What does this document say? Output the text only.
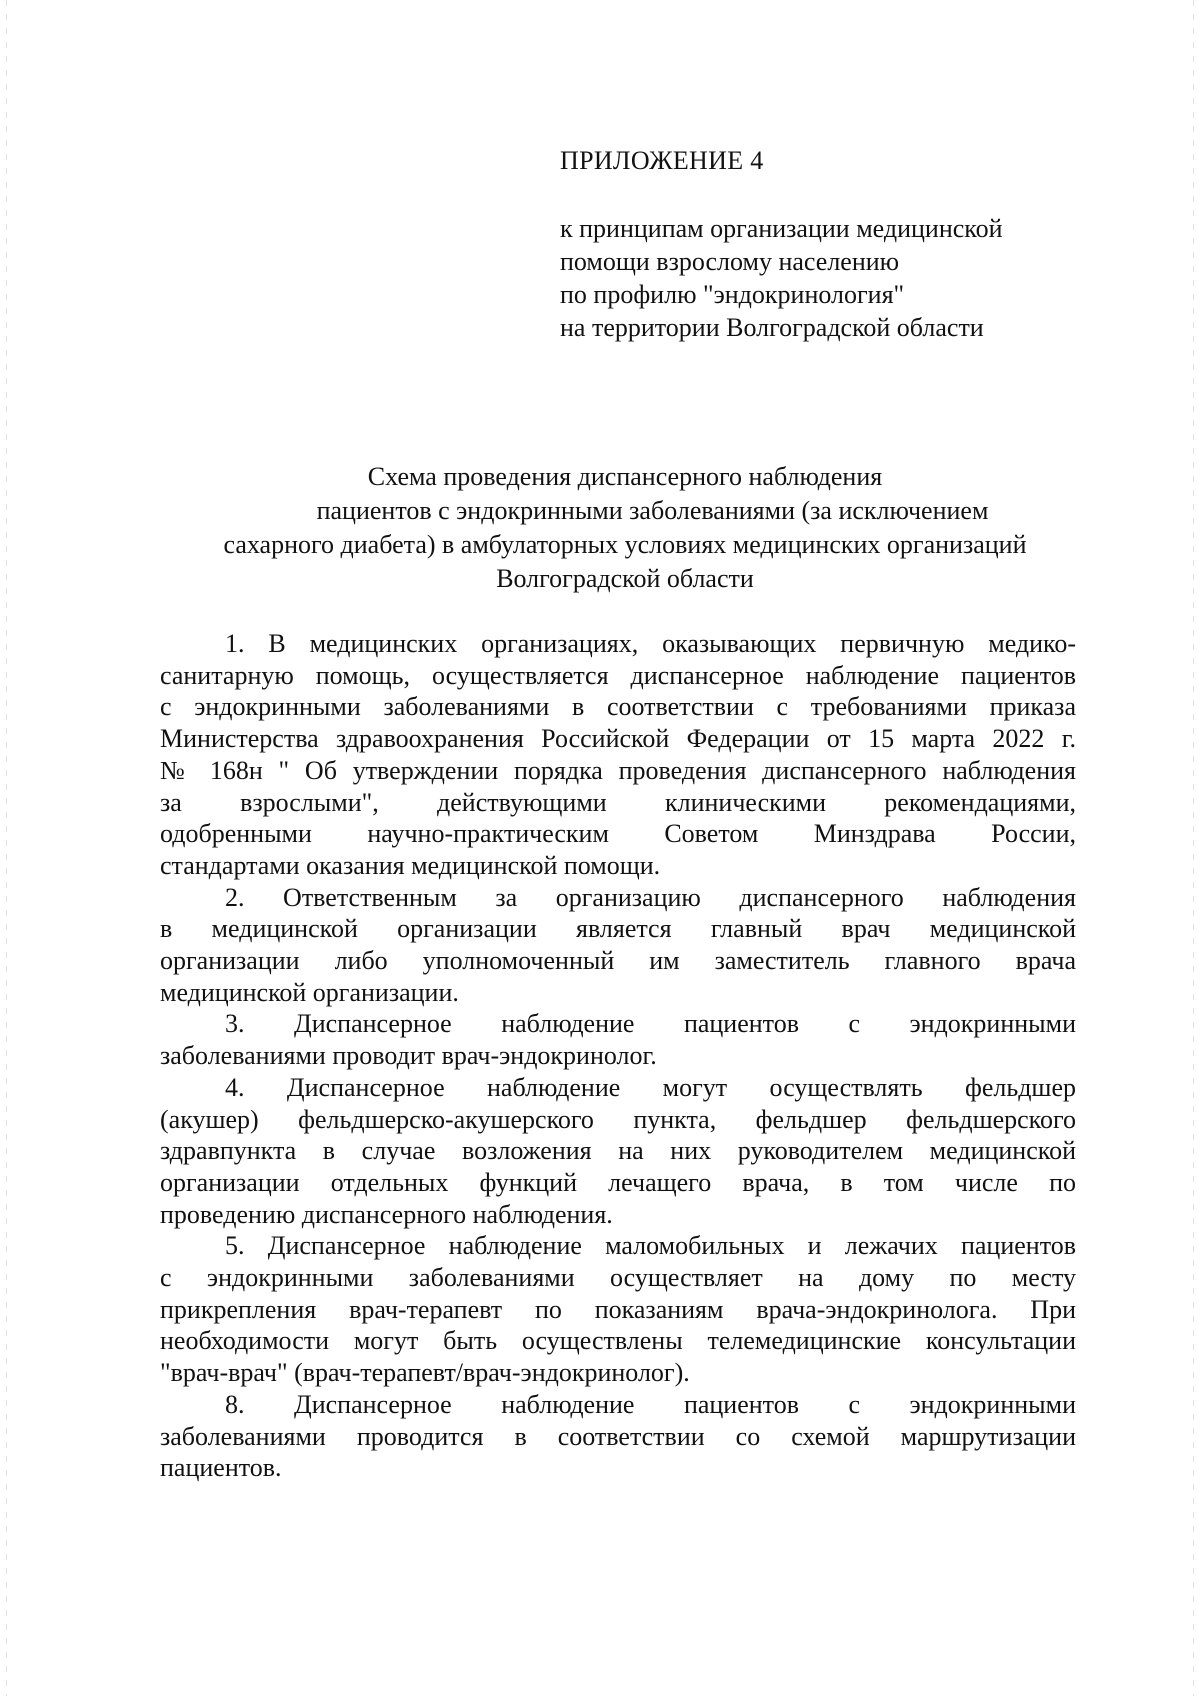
ПРИЛОЖЕНИЕ 4
к принципам организации медицинской
помощи взрослому населению
по профилю "эндокринология"
на территории Волгоградской области
Схема проведения диспансерного наблюдения
пациентов с эндокринными заболеваниями (за исключением
сахарного диабета) в амбулаторных условиях медицинских организаций
Волгоградской области
1. В медицинских организациях, оказывающих первичную медико-
санитарную помощь, осуществляется диспансерное наблюдение пациентов
с эндокринными заболеваниями в соответствии с требованиями приказа
Министерства здравоохранения Российской Федерации от 15 марта 2022 г.
№ 168н " Об утверждении порядка проведения диспансерного наблюдения
за взрослыми", действующими клиническими рекомендациями,
одобренными научно-практическим Советом Минздрава России,
стандартами оказания медицинской помощи.
2. Ответственным за организацию диспансерного наблюдения
в медицинской организации является главный врач медицинской
организации либо уполномоченный им заместитель главного врача
медицинской организации.
3. Диспансерное наблюдение пациентов с эндокринными
заболеваниями проводит врач-эндокринолог.
4. Диспансерное наблюдение могут осуществлять фельдшер
(акушер) фельдшерско-акушерского пункта, фельдшер фельдшерского
здравпункта в случае возложения на них руководителем медицинской
организации отдельных функций лечащего врача, в том числе по
проведению диспансерного наблюдения.
5. Диспансерное наблюдение маломобильных и лежачих пациентов
с эндокринными заболеваниями осуществляет на дому по месту
прикрепления врач-терапевт по показаниям врача-эндокринолога. При
необходимости могут быть осуществлены телемедицинские консультации
"врач-врач" (врач-терапевт/врач-эндокринолог).
8. Диспансерное наблюдение пациентов с эндокринными
заболеваниями проводится в соответствии со схемой маршрутизации
пациентов.
